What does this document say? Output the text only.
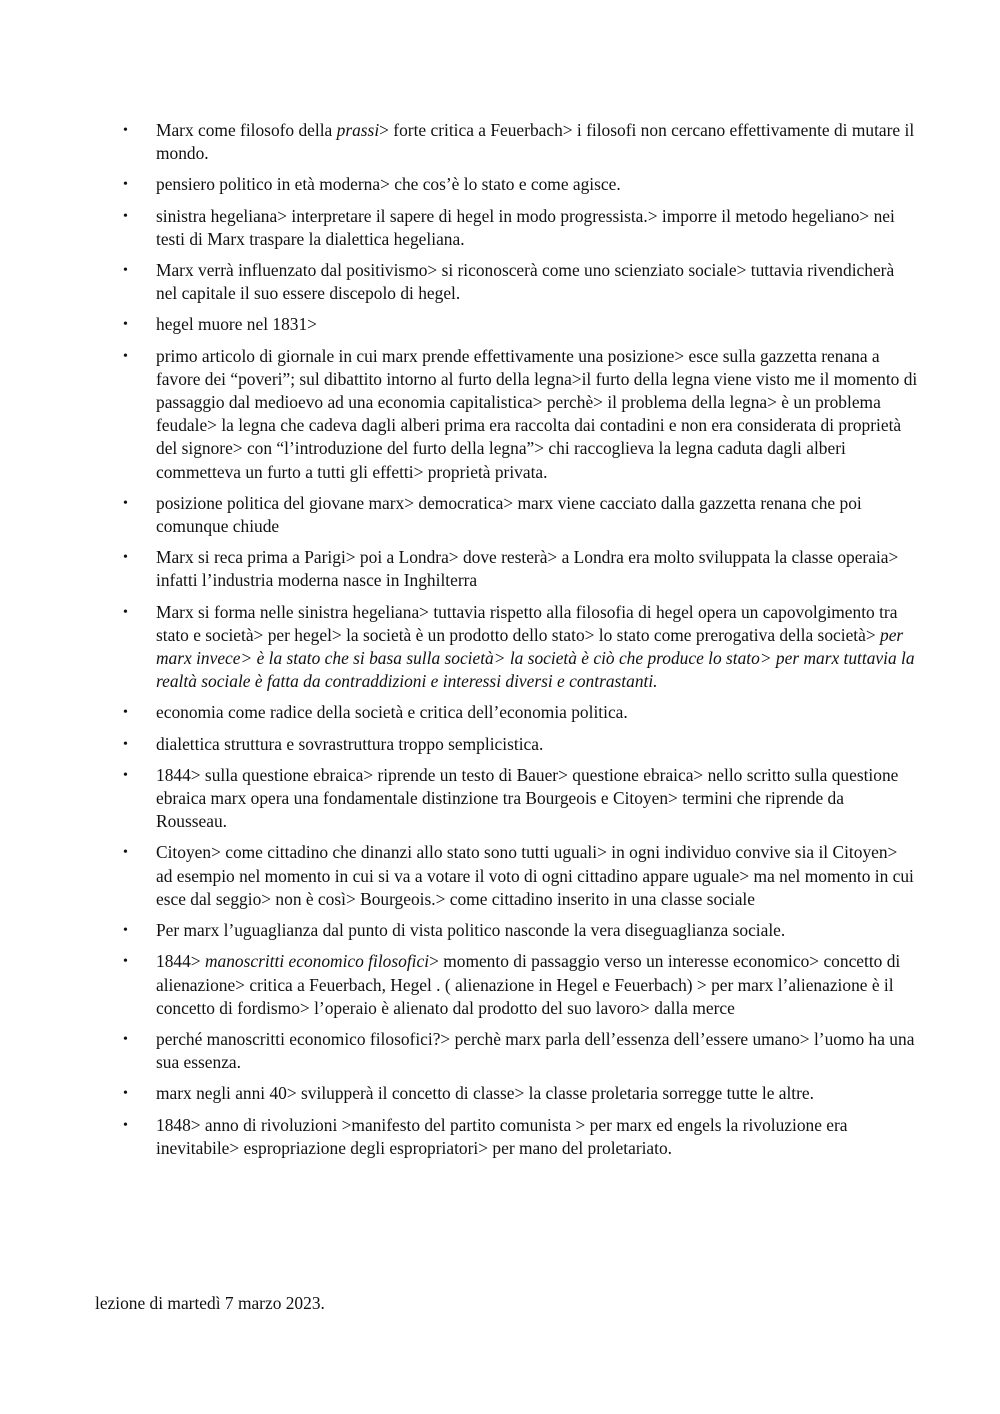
• Marx come filosofo della prassi> forte critica a Feuerbach> i filosofi non cercano effettivamente di mutare il mondo.
• pensiero politico in età moderna> che cos’è lo stato e come agisce.
• sinistra hegeliana> interpretare il sapere di hegel in modo progressista.> imporre il metodo hegeliano> nei testi di Marx traspare la dialettica hegeliana.
• Marx verrà influenzato dal positivismo> si riconoscerà come uno scienziato sociale> tuttavia rivendicherà nel capitale il suo essere discepolo di hegel.
• hegel muore nel 1831>
• primo articolo di giornale in cui marx prende effettivamente una posizione> esce sulla gazzetta renana a favore dei “poveri”; sul dibattito intorno al furto della legna>il furto della legna viene visto me il momento di passaggio dal medioevo ad una economia capitalistica> perchè> il problema della legna> è un problema feudale> la legna che cadeva dagli alberi prima era raccolta dai contadini e non era considerata di proprietà del signore> con “l’introduzione del furto della legna”> chi raccoglieva la legna caduta dagli alberi commetteva un furto a tutti gli effetti> proprietà privata.
• posizione politica del giovane marx> democratica> marx viene cacciato dalla gazzetta renana che poi comunque chiude
• Marx si reca prima a Parigi> poi a Londra> dove resterà> a Londra era molto sviluppata la classe operaia> infatti l’industria moderna nasce in Inghilterra
• Marx si forma nelle sinistra hegeliana> tuttavia rispetto alla filosofia di hegel opera un capovolgimento tra stato e società> per hegel> la società è un prodotto dello stato> lo stato come prerogativa della società> per marx invece> è la stato che si basa sulla società> la società è ciò che produce lo stato> per marx tuttavia la realtà sociale è fatta da contraddizioni e interessi diversi e contrastanti.
• economia come radice della società e critica dell’economia politica.
• dialettica struttura e sovrastruttura troppo semplicistica.
• 1844> sulla questione ebraica> riprende un testo di Bauer> questione ebraica> nello scritto sulla questione ebraica marx opera una fondamentale distinzione tra Bourgeois e Citoyen> termini che riprende da Rousseau.
• Citoyen> come cittadino che dinanzi allo stato sono tutti uguali> in ogni individuo convive sia il Citoyen> ad esempio nel momento in cui si va a votare il voto di ogni cittadino appare uguale> ma nel momento in cui esce dal seggio> non è così> Bourgeois.> come cittadino inserito in una classe sociale
• Per marx l’uguaglianza dal punto di vista politico nasconde la vera diseguaglianza sociale.
• 1844> manoscritti economico filosofici> momento di passaggio verso un interesse economico> concetto di alienazione> critica a Feuerbach, Hegel . ( alienazione in Hegel e Feuerbach) > per marx l’alienazione è il concetto di fordismo> l’operaio è alienato dal prodotto del suo lavoro> dalla merce
• perché manoscritti economico filosofici?> perchè marx parla dell’essenza dell’essere umano> l’uomo ha una sua essenza.
• marx negli anni 40> svilupperà il concetto di classe> la classe proletaria sorregge tutte le altre.
• 1848> anno di rivoluzioni >manifesto del partito comunista > per marx ed engels la rivoluzione era inevitabile> espropriazione degli espropriatori> per mano del proletariato.
lezione di martedì 7 marzo 2023.
